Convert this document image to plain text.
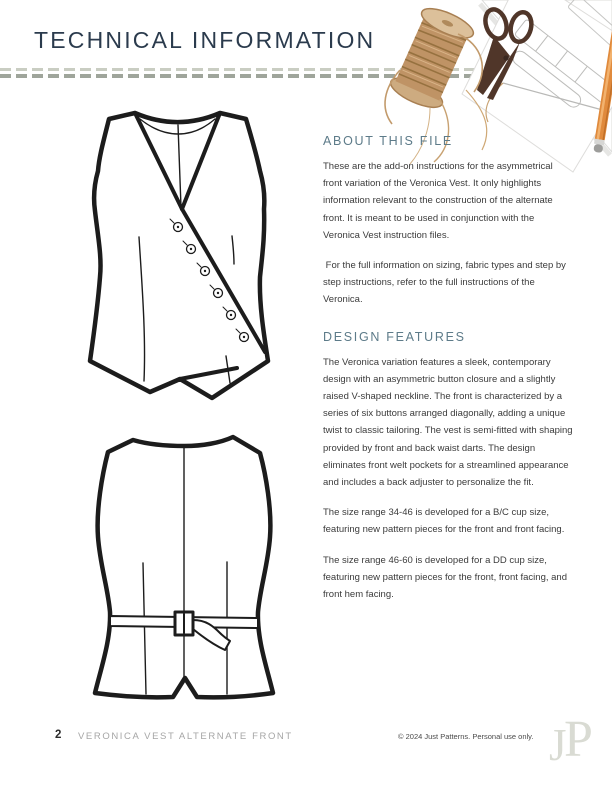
TECHNICAL INFORMATION
ABOUT THIS FILE

These are the add-on instructions for the asymmetrical front variation of the Veronica Vest. It only highlights information relevant to the construction of the alternate front. It is meant to be used in conjunction with the Veronica Vest instruction files.

For the full information on sizing, fabric types and step by step instructions, refer to the full instructions of the Veronica.

DESIGN FEATURES

The Veronica variation features a sleek, contemporary design with an asymmetric button closure and a slightly raised V-shaped neckline. The front is characterized by a series of six buttons arranged diagonally, adding a unique twist to classic tailoring. The vest is semi-fitted with shaping provided by front and back waist darts. The design eliminates front welt pockets for a streamlined appearance and includes a back adjuster to personalize the fit.

The size range 34-46 is developed for a B/C cup size, featuring new pattern pieces for the front and front facing.

The size range 46-60 is developed for a DD cup size, featuring new pattern pieces for the front, front facing, and front hem facing.

2 VERONICA VEST ALTERNATE FRONT	© 2024 Just Patterns. Personal use only. P
J
